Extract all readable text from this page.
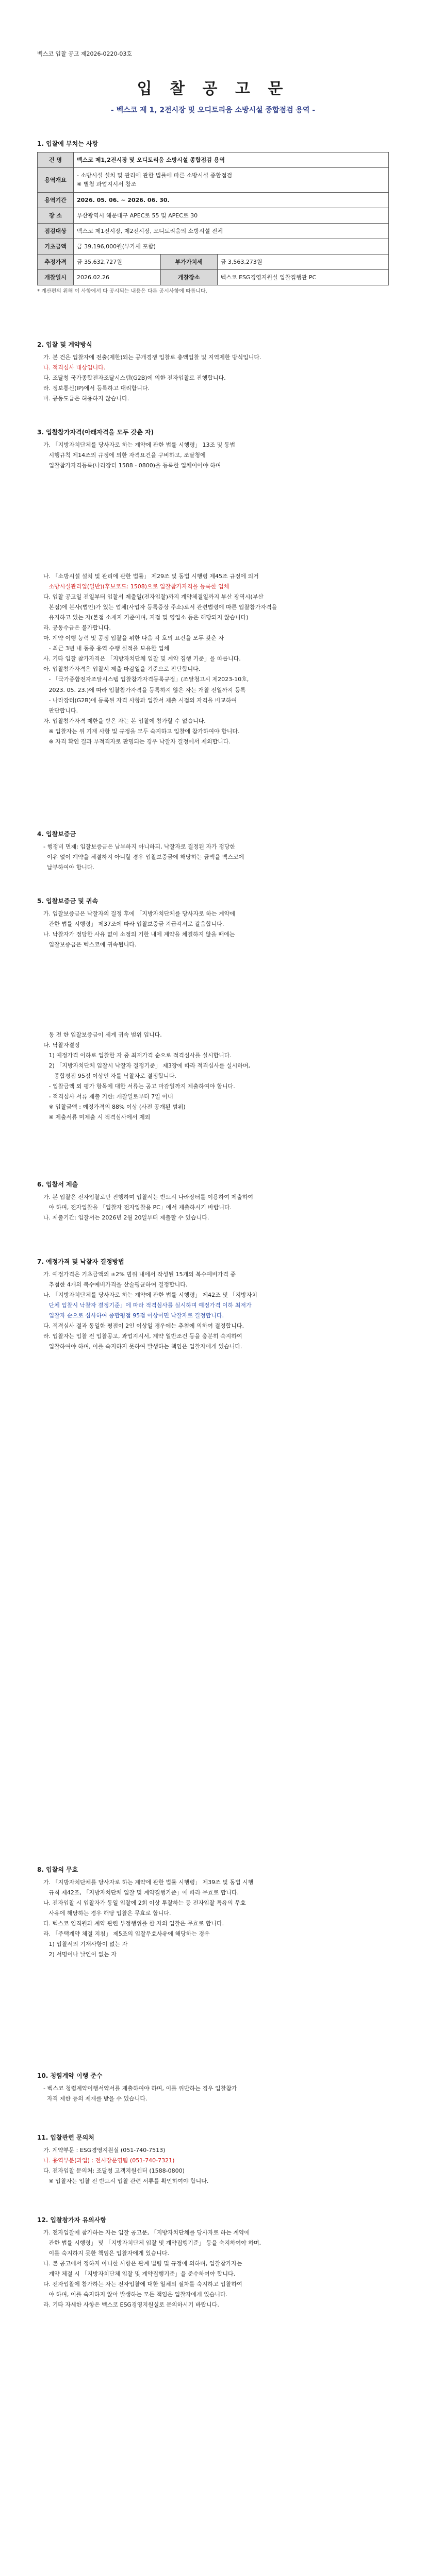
벡스코 입찰 공고 제2026-0220-03호
입 찰 공 고 문
- 벡스코 제 1, 2전시장 및 오디토리움 소방시설 종합점검 용역 -
1. 입찰에 부치는 사항
건 명	벡스코 제1,2전시장 및 오디토리움 소방시설 종합점검 용역		
용역개요	- 소방시설 설치 및 관리에 관한 법률에 따른 소방시설 종합점검
※ 별첨 과업지시서 참조		
용역기간	2026. 05. 06. ~ 2026. 06. 30.		
장 소	부산광역시 해운대구 APEC로 55 및 APEC로 30		
점검대상	벡스코 제1전시장, 제2전시장, 오디토리움의 소방시설 전체		
기초금액	금 39,196,000원(부가세 포함)		
추정가격	금 35,632,727원	부가가치세	금 3,563,273원
개찰일시	2026.02.26	개찰장소	벡스코 ESG경영지원실 입찰집행관 PC
* 계산편의 위해 이 사항에서 다 공시되는 내용은 다른 공시사항에 따릅니다.
2. 입찰 및 계약방식

가. 본 건은 입찰자에 전출(제한)되는 공개경쟁 입찰로 총액입찰 및 지역제한 방식입니다.

나. 적격심사 대상입니다.

다. 조달청 국가종합전자조달시스템(G2B)에 의한 전자입찰로 진행합니다.

라. 정보통신(IP)에서 등록하고 대리합니다.

마. 공동도급은 허용하지 않습니다.

3. 입찰참가자격(아래자격을 모두 갖춘 자)

가. 「지방자치단체를 당사자로 하는 계약에 관한 법률 시행령」 13조 및 동법

시행규칙 제14조의 규정에 의한 자격요건을 구비하고, 조달청에

입찰참가자격등록(나라장터 1588 - 0800)을 등록한 업체이어야 하며

나. 「소방시설 설치 및 관리에 관한 법률」 제29조 및 동법 시행령 제45조 규정에 의거

소방시설관리업(일반)(후보코드: 1508)으로 입찰참가자격을 등록한 업체

다. 입찰 공고일 전일부터 입찰서 제출일(전자입찰)까지 계약체결일까지 부산 광역시(부산

본점)에 본사(법인)가 있는 업체(사업자 등록증상 주소)로서 관련법령에 따른 입찰참가자격을

유지하고 있는 자(본점 소재지 기준이며, 지점 및 영업소 등은 해당되지 않습니다)

라. 공동수급은 불가합니다.

마. 계약 이행 능력 및 공정 입찰을 위한 다음 각 호의 요건을 모두 갖춘 자

- 최근 3년 내 동종 용역 수행 실적을 보유한 업체

사. 기타 입찰 참가자격은 「지방자치단체 입찰 및 계약 집행 기준」을 따릅니다.

아. 입찰참가자격은 입찰서 제출 마감일을 기준으로 판단합니다.

- 「국가종합전자조달시스템 입찰참가자격등록규정」(조달청고시 제2023-10호,

2023. 05. 23.)에 따라 입찰참가자격을 등록하지 않은 자는 개찰 전일까지 등록

- 나라장터(G2B)에 등록된 자격 사항과 입찰서 제출 시점의 자격을 비교하여

판단합니다.

자. 입찰참가자격 제한을 받은 자는 본 입찰에 참가할 수 없습니다.

※ 입찰자는 위 기재 사항 및 규정을 모두 숙지하고 입찰에 참가하여야 합니다.

※ 자격 확인 결과 부적격자로 판명되는 경우 낙찰자 결정에서 제외합니다.

4. 입찰보증금

- 행정비 면제: 입찰보증금은 납부하지 아니하되, 낙찰자로 결정된 자가 정당한

이유 없이 계약을 체결하지 아니할 경우 입찰보증금에 해당하는 금액을 벡스코에

납부하여야 합니다.

5. 입찰보증금 및 귀속

가. 입찰보증금은 낙찰자의 결정 후에 「지방자치단체를 당사자로 하는 계약에

관한 법률 시행령」 제37조에 따라 입찰보증금 지급각서로 갈음합니다.

나. 낙찰자가 정당한 사유 없이 소정의 기한 내에 계약을 체결하지 않을 때에는

입찰보증금은 벡스코에 귀속됩니다.

동 전 한 입찰보증금이 세계 귀속 범위 입니다.

다. 낙찰자결정

1) 예정가격 이하로 입찰한 자 중 최저가격 순으로 적격심사를 실시합니다.

2) 「지방자치단체 입찰시 낙찰자 결정기준」 제3장에 따라 적격심사를 실시하며,

종합평점 95점 이상인 자를 낙찰자로 결정합니다.

- 입찰금액 외 평가 항목에 대한 서류는 공고 마감일까지 제출하여야 합니다.

- 적격심사 서류 제출 기한: 개찰일로부터 7일 이내

※ 입찰금액 : 예정가격의 88% 이상 (사전 공개된 범위)

※ 제출서류 미제출 시 적격심사에서 제외

6. 입찰서 제출

가. 본 입찰은 전자입찰로만 진행하며 입찰서는 반드시 나라장터를 이용하여 제출하여

야 하며, 전자입찰을 「입찰자 전자입찰용 PC」에서 제출하시기 바랍니다.

나. 제출기간: 입찰서는 2026년 2월 20일부터 제출할 수 있습니다.

7. 예정가격 및 낙찰자 결정방법

가. 예정가격은 기초금액의 ±2% 범위 내에서 작성된 15개의 복수예비가격 중

추첨한 4개의 복수예비가격을 산술평균하여 결정합니다.

나. 「지방자치단체를 당사자로 하는 계약에 관한 법률 시행령」 제42조 및 「지방자치

단체 입찰시 낙찰자 결정기준」에 따라 적격심사를 실시하며 예정가격 이하 최저가

입찰자 순으로 심사하여 종합평점 95점 이상이면 낙찰자로 결정합니다.

다. 적격심사 결과 동일한 평점이 2인 이상일 경우에는 추첨에 의하여 결정합니다.

라. 입찰자는 입찰 전 입찰공고, 과업지시서, 계약 일반조건 등을 충분히 숙지하여

입찰하여야 하며, 이를 숙지하지 못하여 발생하는 책임은 입찰자에게 있습니다.

8. 입찰의 무효

가. 「지방자치단체를 당사자로 하는 계약에 관한 법률 시행령」 제39조 및 동법 시행

규칙 제42조, 「지방자치단체 입찰 및 계약집행기준」에 따라 무효로 합니다.

나. 전자입찰 시 입찰자가 동일 입찰에 2회 이상 투찰하는 등 전자입찰 특유의 무효

사유에 해당하는 경우 해당 입찰은 무효로 합니다.

다. 벡스코 임직원과 계약 관련 부정행위를 한 자의 입찰은 무효로 합니다.

라. 「주택계약 체결 지침」 제5조의 입찰무효사유에 해당하는 경우

1) 입찰서의 기재사항이 없는 자

2) 서명이나 날인이 없는 자

10. 청렴계약 이행 준수

- 벡스코 청렴계약이행서약서를 제출하여야 하며, 이를 위반하는 경우 입찰참가

자격 제한 등의 제재를 받을 수 있습니다.

11. 입찰관련 문의처

가. 계약부문 : ESG경영지원실 (051-740-7513)

나. 용역부분(과업) : 전시장운영팀 (051-740-7321)

다. 전자입찰 문의처: 조달청 고객지원센터 (1588-0800)

※ 입찰자는 입찰 전 반드시 입찰 관련 서류를 확인하여야 합니다.

12. 입찰참가자 유의사항

가. 전자입찰에 참가하는 자는 입찰 공고문, 「지방자치단체를 당사자로 하는 계약에

관한 법률 시행령」 및 「지방자치단체 입찰 및 계약집행기준」 등을 숙지하여야 하며,

이를 숙지하지 못한 책임은 입찰자에게 있습니다.

나. 본 공고에서 정하지 아니한 사항은 관계 법령 및 규정에 의하며, 입찰참가자는

계약 체결 시 「지방자치단체 입찰 및 계약집행기준」을 준수하여야 합니다.

다. 전자입찰에 참가하는 자는 전자입찰에 대한 일체의 절차를 숙지하고 입찰하여

야 하며, 이를 숙지하지 않아 발생하는 모든 책임은 입찰자에게 있습니다.

라. 기타 자세한 사항은 벡스코 ESG경영지원실로 문의하시기 바랍니다.
